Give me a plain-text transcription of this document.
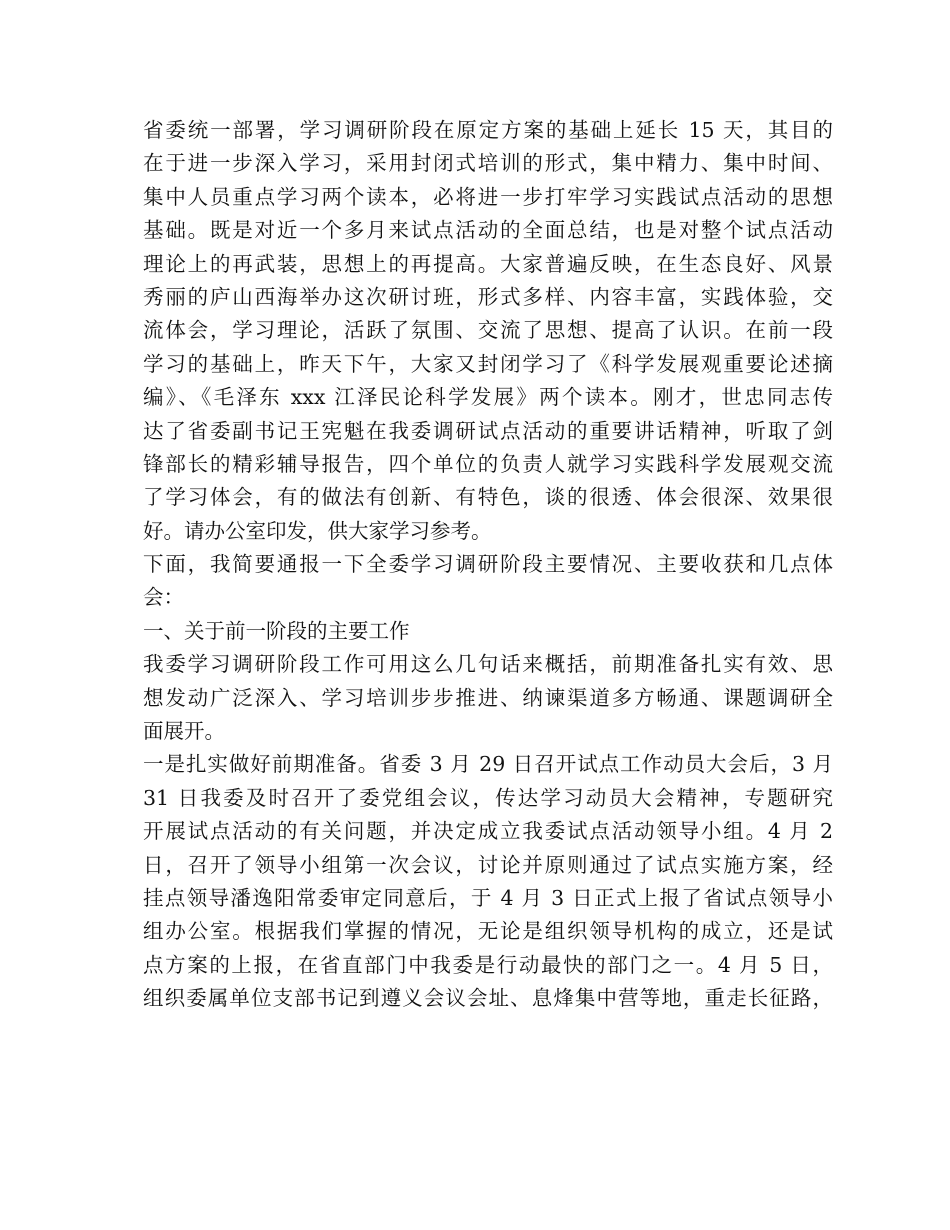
省委统一部署，学习调研阶段在原定方案的基础上延长 15 天，其目的
在于进一步深入学习，采用封闭式培训的形式，集中精力、集中时间、
集中人员重点学习两个读本，必将进一步打牢学习实践试点活动的思想
基础。既是对近一个多月来试点活动的全面总结，也是对整个试点活动
理论上的再武装，思想上的再提高。大家普遍反映，在生态良好、风景
秀丽的庐山西海举办这次研讨班，形式多样、内容丰富，实践体验，交
流体会，学习理论，活跃了氛围、交流了思想、提高了认识。在前一段
学习的基础上，昨天下午，大家又封闭学习了《科学发展观重要论述摘
编》、《毛泽东 xxx 江泽民论科学发展》两个读本。刚才，世忠同志传
达了省委副书记王宪魁在我委调研试点活动的重要讲话精神，听取了剑
锋部长的精彩辅导报告，四个单位的负责人就学习实践科学发展观交流
了学习体会，有的做法有创新、有特色，谈的很透、体会很深、效果很
好。请办公室印发，供大家学习参考。
下面，我简要通报一下全委学习调研阶段主要情况、主要收获和几点体
会：
一、关于前一阶段的主要工作
我委学习调研阶段工作可用这么几句话来概括，前期准备扎实有效、思
想发动广泛深入、学习培训步步推进、纳谏渠道多方畅通、课题调研全
面展开。
一是扎实做好前期准备。省委 3 月 29 日召开试点工作动员大会后，3 月
31 日我委及时召开了委党组会议，传达学习动员大会精神，专题研究
开展试点活动的有关问题，并决定成立我委试点活动领导小组。4 月 2
日，召开了领导小组第一次会议，讨论并原则通过了试点实施方案，经
挂点领导潘逸阳常委审定同意后，于 4 月 3 日正式上报了省试点领导小
组办公室。根据我们掌握的情况，无论是组织领导机构的成立，还是试
点方案的上报，在省直部门中我委是行动最快的部门之一。4 月 5 日，
组织委属单位支部书记到遵义会议会址、息烽集中营等地，重走长征路，
